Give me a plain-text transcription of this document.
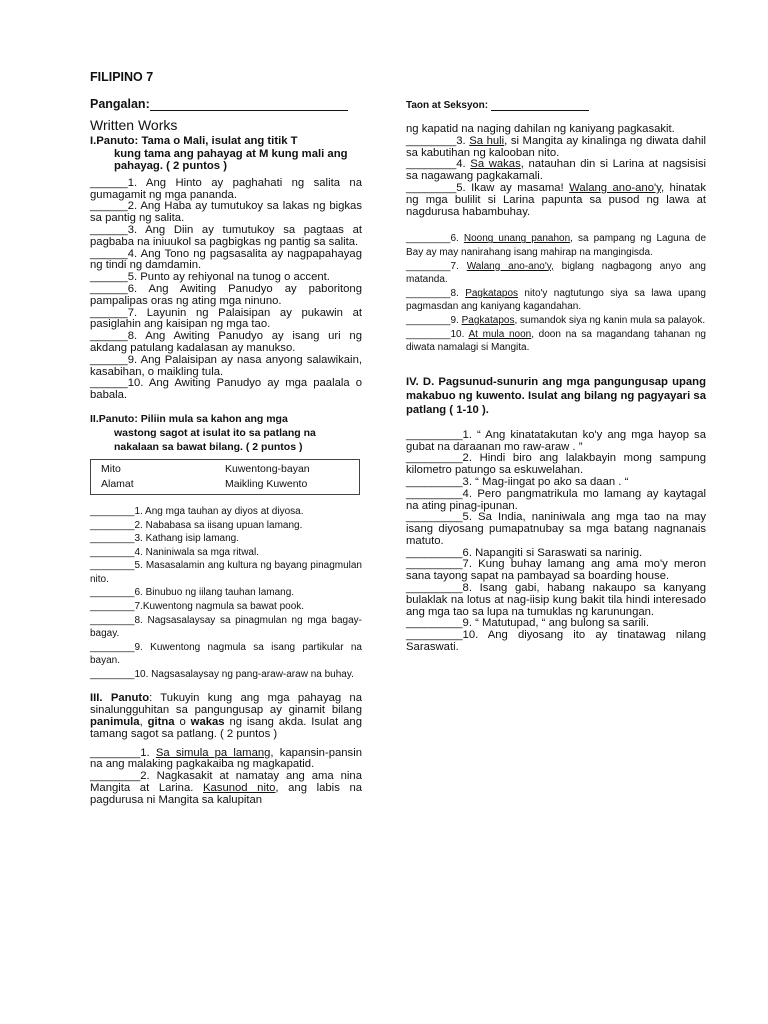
FILIPINO 7
Pangalan:
Written Works
I.Panuto: Tama o Mali, isulat ang titik T
kung tama ang pahayag at M kung mali ang pahayag. ( 2 puntos )

______1. Ang Hinto ay paghahati ng salita na gumagamit ng mga pananda.

______2. Ang Haba ay tumutukoy sa lakas ng bigkas sa pantig ng salita.

______3. Ang Diin ay tumutukoy sa pagtaas at pagbaba na iniuukol sa pagbigkas ng pantig sa salita.

______4. Ang Tono ng pagsasalita ay nagpapahayag ng tindi ng damdamin.

______5. Punto ay rehiyonal na tunog o accent.

______6. Ang Awiting Panudyo ay paboritong pampalipas oras ng ating mga ninuno.

______7. Layunin ng Palaisipan ay pukawin at pasiglahin ang kaisipan ng mga tao.

______8. Ang Awiting Panudyo ay isang uri ng akdang patulang kadalasan ay manukso.

______9. Ang Palaisipan ay nasa anyong salawikain, kasabihan, o maikling tula.

______10. Ang Awiting Panudyo ay mga paalala o babala.

II.Panuto: Piliin mula sa kahon ang mga
wastong sagot at isulat ito sa patlang na nakalaan sa bawat bilang. ( 2 puntos )
Mito	Kuwentong-bayan
Alamat	Maikling Kuwento

________1. Ang mga tauhan ay diyos at diyosa.

________2. Nababasa sa iisang upuan lamang.

________3. Kathang isip lamang.

________4. Naniniwala sa mga ritwal.

________5. Masasalamin ang kultura ng bayang pinagmulan nito.

________6. Binubuo ng iilang tauhan lamang.

________7.Kuwentong nagmula sa bawat pook.

________8. Nagsasalaysay sa pinagmulan ng mga bagay-bagay.

________9. Kuwentong nagmula sa isang partikular na bayan.

________10. Nagsasalaysay ng pang-araw-araw na buhay.

III. Panuto: Tukuyin kung ang mga pahayag na sinalungguhitan sa pangungusap ay ginamit bilang panimula, gitna o wakas ng isang akda. Isulat ang tamang sagot sa patlang. ( 2 puntos )

________1. Sa simula pa lamang, kapansin-pansin na ang malaking pagkakaiba ng magkapatid.

________2. Nagkasakit at namatay ang ama nina Mangita at Larina. Kasunod nito, ang labis na pagdurusa ni Mangita sa kalupitan

Taon at Seksyon:

ng kapatid na naging dahilan ng kaniyang pagkasakit.

________3. Sa huli, si Mangita ay kinalinga ng diwata dahil sa kabutihan ng kalooban nito.

________4. Sa wakas, natauhan din si Larina at nagsisisi sa nagawang pagkakamali.

________5. Ikaw ay masama! Walang ano-ano'y, hinatak ng mga bulilit si Larina papunta sa pusod ng lawa at nagdurusa habambuhay.

________6. Noong unang panahon, sa pampang ng Laguna de Bay ay may nanirahang isang mahirap na mangingisda.

________7. Walang ano-ano'y, biglang nagbagong anyo ang matanda.

________8. Pagkatapos nito'y nagtutungo siya sa lawa upang pagmasdan ang kaniyang kagandahan.

________9. Pagkatapos, sumandok siya ng kanin mula sa palayok.

________10. At mula noon, doon na sa magandang tahanan ng diwata namalagi si Mangita.

IV. D. Pagsunud-sunurin ang mga pangungusap upang makabuo ng kuwento. Isulat ang bilang ng pagyayari sa patlang ( 1-10 ).

_________1. “ Ang kinatatakutan ko'y ang mga hayop sa gubat na daraanan mo raw-araw . ”

_________2. Hindi biro ang lalakbayin mong sampung kilometro patungo sa eskuwelahan.

_________3. “ Mag-iingat po ako sa daan . “

_________4. Pero pangmatrikula mo lamang ay kaytagal na ating pinag-ipunan.

_________5. Sa India, naniniwala ang mga tao na may isang diyosang pumapatnubay sa mga batang nagnanais matuto.

_________6. Napangiti si Saraswati sa narinig.

_________7. Kung buhay lamang ang ama mo'y meron sana tayong sapat na pambayad sa boarding house.

_________8. Isang gabi, habang nakaupo sa kanyang bulaklak na lotus at nag-iisip kung bakit tila hindi interesado ang mga tao sa lupa na tumuklas ng karunungan.

_________9. “ Matutupad, “ ang bulong sa sarili.

_________10. Ang diyosang ito ay tinatawag nilang Saraswati.
